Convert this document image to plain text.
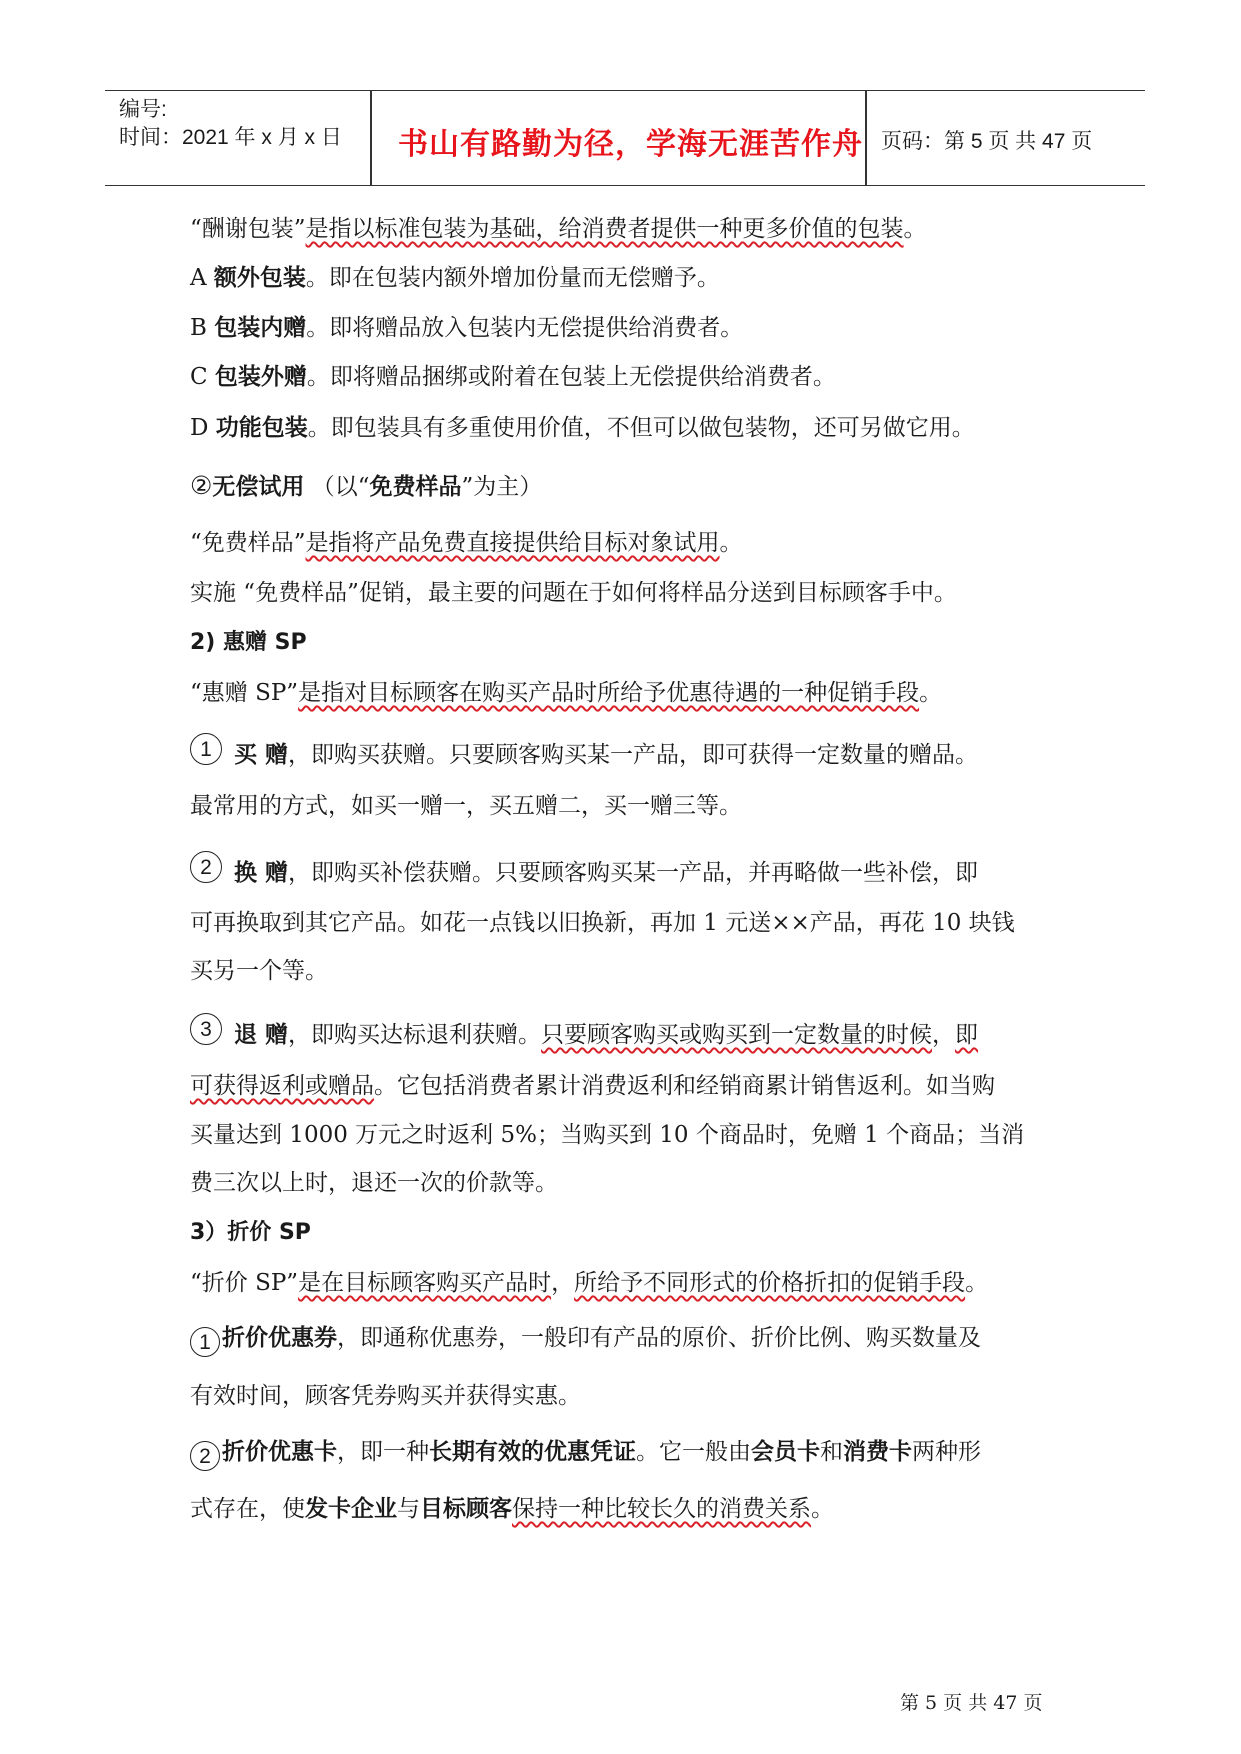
编号:
时间：2021 年 x 月 x 日 书山有路勤为径，学海无涯苦作舟 页码：第 5 页 共 47 页
“酬谢包装”是指以标准包装为基础，给消费者提供一种更多价值的包装。
A 额外包装。即在包装内额外增加份量而无偿赠予。
B 包装内赠。即将赠品放入包装内无偿提供给消费者。
C 包装外赠。即将赠品捆绑或附着在包装上无偿提供给消费者。
D 功能包装。即包装具有多重使用价值，不但可以做包装物，还可另做它用。
②无偿试用 （以“免费样品”为主）
“免费样品”是指将产品免费直接提供给目标对象试用。
实施 “免费样品”促销，最主要的问题在于如何将样品分送到目标顾客手中。
2) 惠赠 SP
“惠赠 SP”是指对目标顾客在购买产品时所给予优惠待遇的一种促销手段。
1 买 赠，即购买获赠。只要顾客购买某一产品，即可获得一定数量的赠品。
最常用的方式，如买一赠一，买五赠二，买一赠三等。
2 换 赠，即购买补偿获赠。只要顾客购买某一产品，并再略做一些补偿，即
可再换取到其它产品。如花一点钱以旧换新，再加 1 元送××产品，再花 10 块钱
买另一个等。
3 退 赠，即购买达标退利获赠。只要顾客购买或购买到一定数量的时候，即
可获得返利或赠品。它包括消费者累计消费返利和经销商累计销售返利。如当购
买量达到 1000 万元之时返利 5%；当购买到 10 个商品时，免赠 1 个商品；当消
费三次以上时，退还一次的价款等。
3）折价 SP
“折价 SP”是在目标顾客购买产品时，所给予不同形式的价格折扣的促销手段。
1 折价优惠券，即通称优惠券，一般印有产品的原价、折价比例、购买数量及
有效时间，顾客凭券购买并获得实惠。
2 折价优惠卡，即一种长期有效的优惠凭证。它一般由会员卡和消费卡两种形
式存在，使发卡企业与目标顾客保持一种比较长久的消费关系。
第 5 页 共 47 页
